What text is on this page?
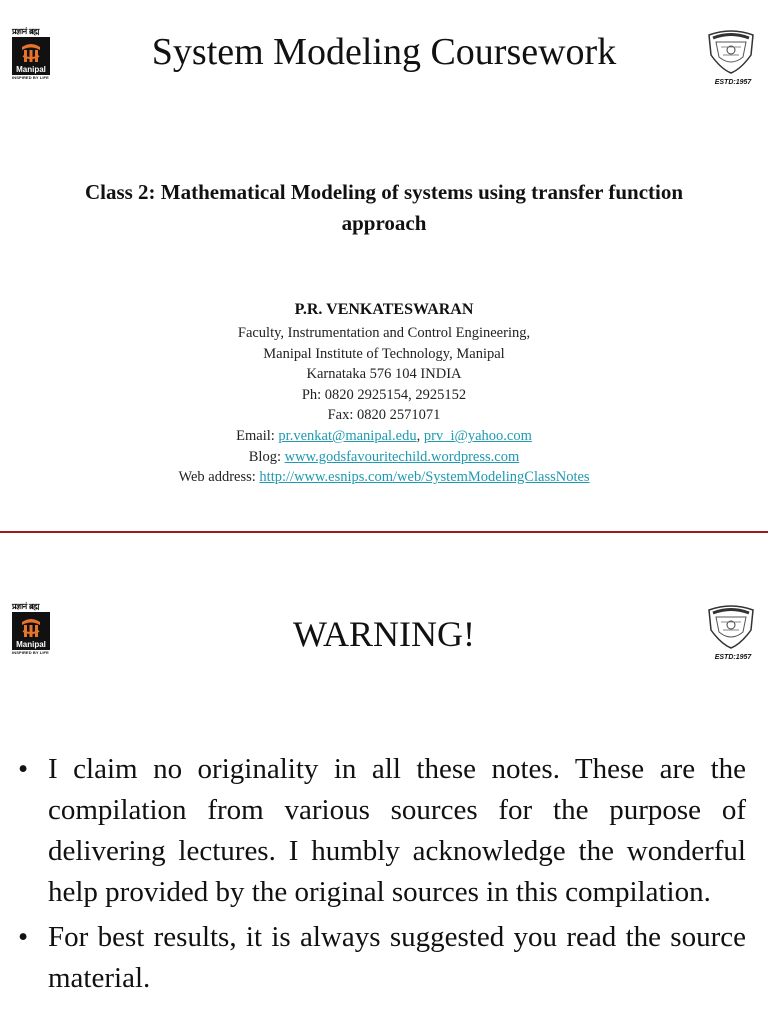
प्रज्ञानं ब्रह्म
Manipal
INSPIRED BY LIFE
System Modeling Coursework
ESTD:1957
Class 2: Mathematical Modeling of systems using transfer function approach
P.R. VENKATESWARAN
Faculty, Instrumentation and Control Engineering,
Manipal Institute of Technology, Manipal
Karnataka 576 104 INDIA
Ph: 0820 2925154, 2925152
Fax: 0820 2571071
Email: pr.venkat@manipal.edu, prv_i@yahoo.com
Blog: www.godsfavouritechild.wordpress.com
Web address: http://www.esnips.com/web/SystemModelingClassNotes
प्रज्ञानं ब्रह्म
Manipal
INSPIRED BY LIFE	WARNING!
ESTD:1957
• I claim no originality in all these notes. These are the compilation from various sources for the purpose of delivering lectures. I humbly acknowledge the wonderful help provided by the original sources in this compilation.
• For best results, it is always suggested you read the source material.
